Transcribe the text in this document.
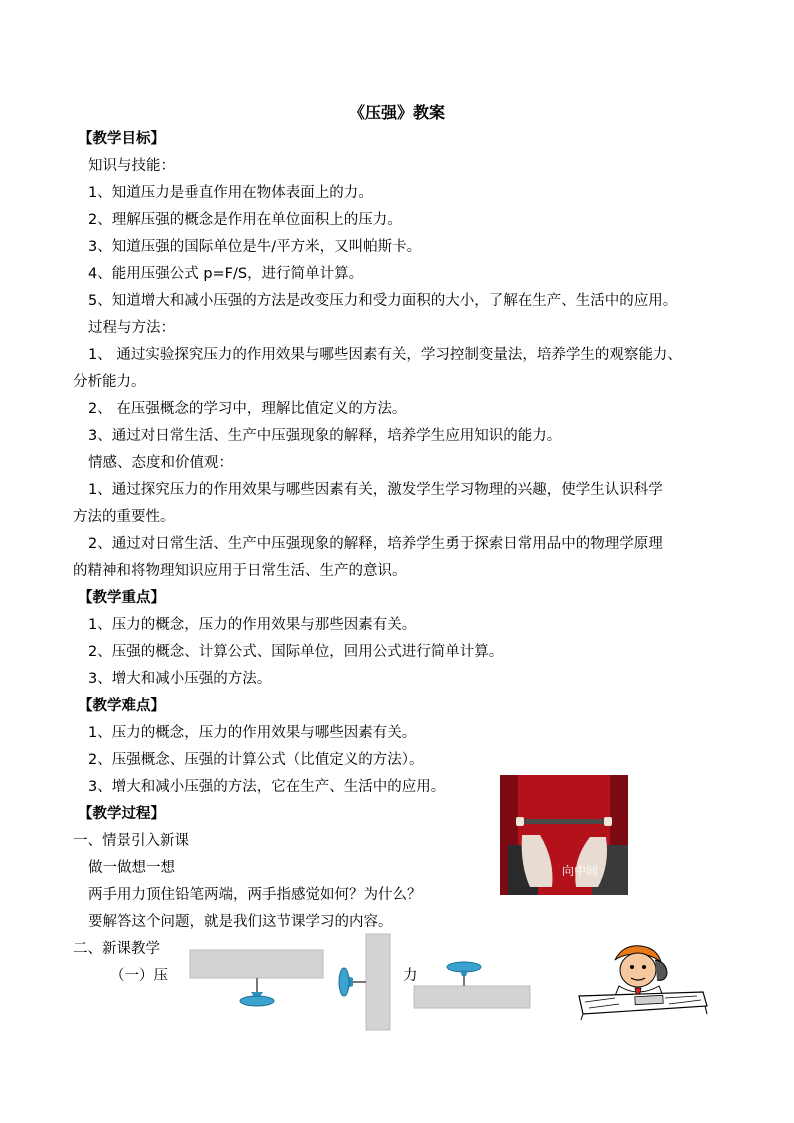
《压强》教案
【教学目标】
知识与技能：
1、知道压力是垂直作用在物体表面上的力。
2、理解压强的概念是作用在单位面积上的压力。
3、知道压强的国际单位是牛/平方米，又叫帕斯卡。
4、能用压强公式 p=F/S，进行简单计算。
5、知道增大和减小压强的方法是改变压力和受力面积的大小，了解在生产、生活中的应用。
过程与方法：
1、 通过实验探究压力的作用效果与哪些因素有关，学习控制变量法，培养学生的观察能力、
分析能力。
2、 在压强概念的学习中，理解比值定义的方法。
3、通过对日常生活、生产中压强现象的解释，培养学生应用知识的能力。
情感、态度和价值观：
1、通过探究压力的作用效果与哪些因素有关，激发学生学习物理的兴趣，使学生认识科学
方法的重要性。
2、通过对日常生活、生产中压强现象的解释，培养学生勇于探索日常用品中的物理学原理
的精神和将物理知识应用于日常生活、生产的意识。
【教学重点】
1、压力的概念，压力的作用效果与那些因素有关。
2、压强的概念、计算公式、国际单位，回用公式进行简单计算。
3、增大和减小压强的方法。
【教学难点】
1、压力的概念，压力的作用效果与哪些因素有关。
2、压强概念、压强的计算公式（比值定义的方法）。
3、增大和减小压强的方法，它在生产、生活中的应用。
【教学过程】
一、情景引入新课
做一做想一想
两手用力顶住铅笔两端，两手指感觉如何？为什么？
要解答这个问题，就是我们这节课学习的内容。
二、新课教学
（一）压	力
向中间
